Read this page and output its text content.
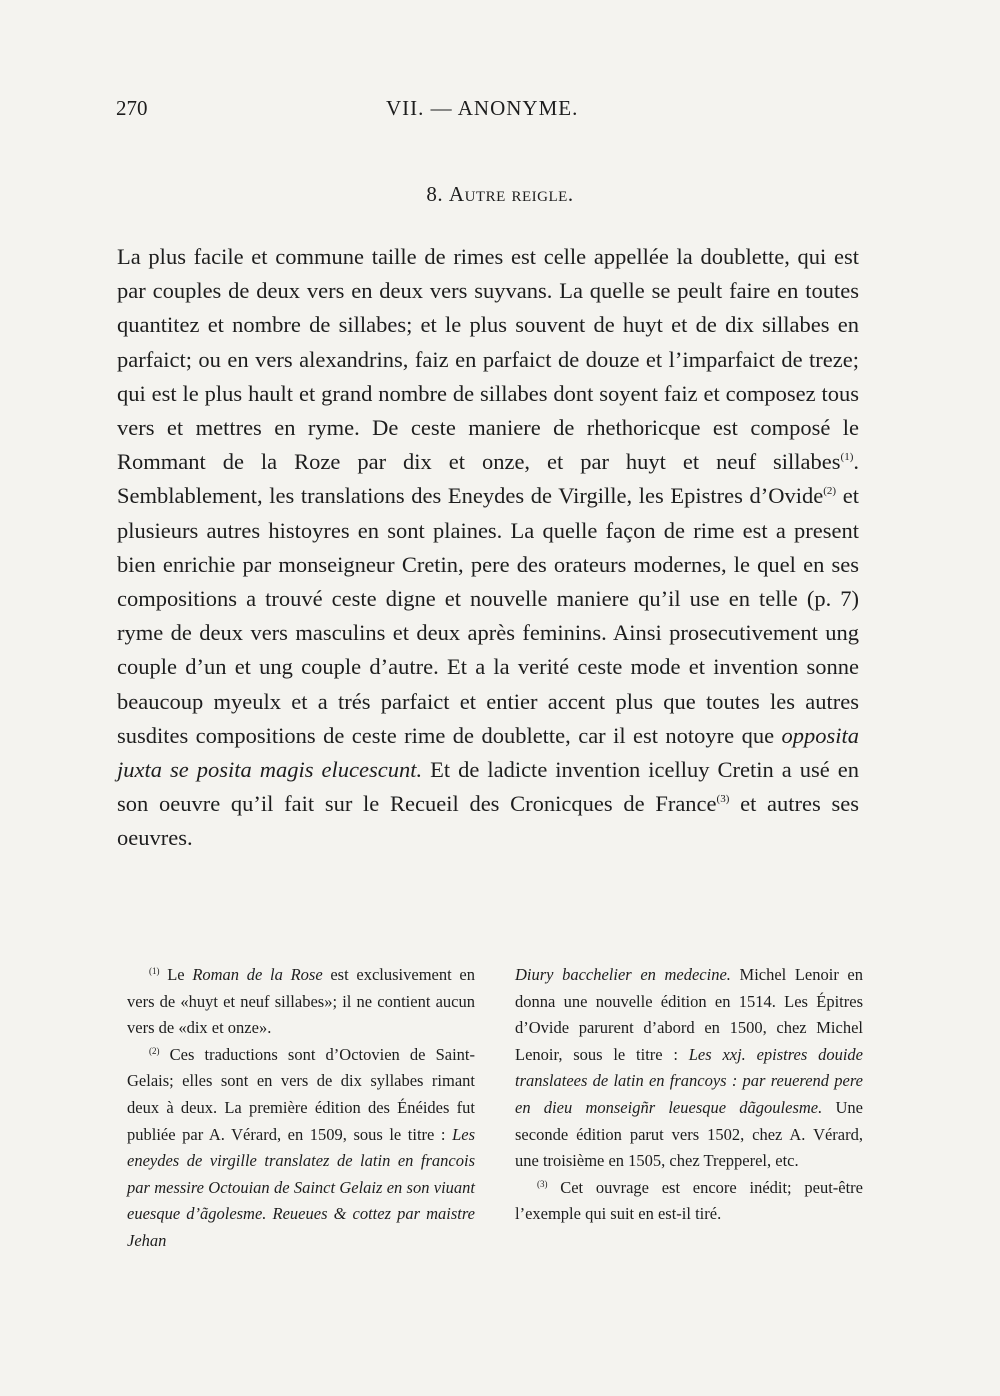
270	VII. — ANONYME.
8. Autre reigle.

La plus facile et commune taille de rimes est celle appellée la doublette, qui est par couples de deux vers en deux vers suyvans. La quelle se peult faire en toutes quantitez et nombre de sillabes; et le plus souvent de huyt et de dix sillabes en parfaict; ou en vers alexandrins, faiz en parfaict de douze et l’imparfaict de treze; qui est le plus hault et grand nombre de sillabes dont soyent faiz et composez tous vers et mettres en ryme. De ceste maniere de rhethoricque est composé le Rommant de la Roze par dix et onze, et par huyt et neuf sillabes$^{(1)}$. Semblablement, les translations des Eneydes de Virgille, les Epistres d’Ovide$^{(2)}$ et plusieurs autres histoyres en sont plaines. La quelle façon de rime est a present bien enrichie par monseigneur Cretin, pere des orateurs modernes, le quel en ses compositions a trouvé ceste digne et nouvelle maniere qu’il use en telle (p. 7) ryme de deux vers masculins et deux après feminins. Ainsi prosecutivement ung couple d’un et ung couple d’autre. Et a la verité ceste mode et invention sonne beaucoup myeulx et a trés parfaict et entier accent plus que toutes les autres susdites compositions de ceste rime de doublette, car il est notoyre que opposita juxta se posita magis elucescunt. Et de ladicte invention icelluy Cretin a usé en son oeuvre qu’il fait sur le Recueil des Cronicques de France$^{(3)}$ et autres ses oeuvres.

$^{(1)}$ Le Roman de la Rose est exclusivement en vers de «huyt et neuf sillabes»; il ne contient aucun vers de «dix et onze».

$^{(2)}$ Ces traductions sont d’Octovien de Saint-Gelais; elles sont en vers de dix syllabes rimant deux à deux. La première édition des Énéides fut publiée par A. Vérard, en 1509, sous le titre : Les eneydes de virgille translatez de latin en francois par messire Octouian de Sainct Gelaiz en son viuant euesque d’ãgolesme. Reueues & cottez par maistre Jehan

Diury bacchelier en medecine. Michel Lenoir en donna une nouvelle édition en 1514. Les Épitres d’Ovide parurent d’abord en 1500, chez Michel Lenoir, sous le titre : Les xxj. epistres douide translatees de latin en francoys : par reuerend pere en dieu monseigñr leuesque dãgoulesme. Une seconde édition parut vers 1502, chez A. Vérard, une troisième en 1505, chez Trepperel, etc.

$^{(3)}$ Cet ouvrage est encore inédit; peut-être l’exemple qui suit en est-il tiré.
